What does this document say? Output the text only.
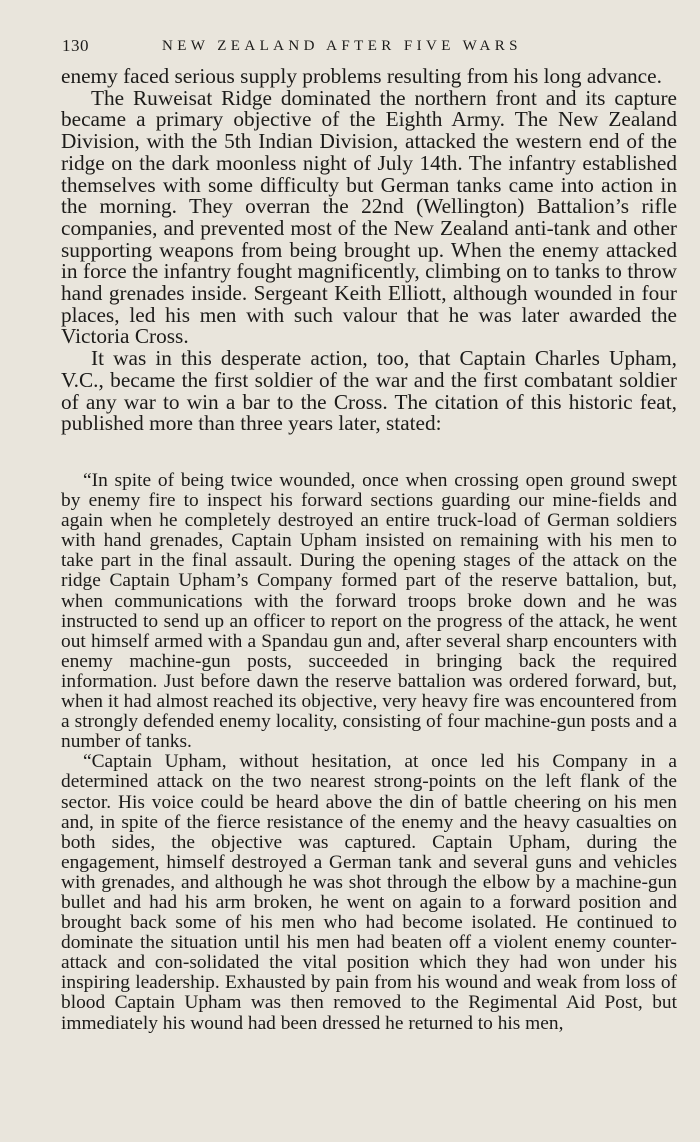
130	NEW ZEALAND AFTER FIVE WARS

enemy faced serious supply problems resulting from his long advance.

The Ruweisat Ridge dominated the northern front and its capture became a primary objective of the Eighth Army. The New Zealand Division, with the 5th Indian Division, attacked the western end of the ridge on the dark moonless night of July 14th. The infantry established themselves with some difficulty but German tanks came into action in the morning. They overran the 22nd (Wellington) Battalion’s rifle companies, and prevented most of the New Zealand anti-tank and other supporting weapons from being brought up. When the enemy attacked in force the infantry fought magnificently, climbing on to tanks to throw hand grenades inside. Sergeant Keith Elliott, although wounded in four places, led his men with such valour that he was later awarded the Victoria Cross.

It was in this desperate action, too, that Captain Charles Upham, V.C., became the first soldier of the war and the first combatant soldier of any war to win a bar to the Cross. The citation of this historic feat, published more than three years later, stated:

“In spite of being twice wounded, once when crossing open ground swept by enemy fire to inspect his forward sections guarding our mine-fields and again when he completely destroyed an entire truck-load of German soldiers with hand grenades, Captain Upham insisted on remaining with his men to take part in the final assault. During the opening stages of the attack on the ridge Captain Upham’s Company formed part of the reserve battalion, but, when communications with the forward troops broke down and he was instructed to send up an officer to report on the progress of the attack, he went out himself armed with a Spandau gun and, after several sharp encounters with enemy machine-gun posts, succeeded in bringing back the required information. Just before dawn the reserve battalion was ordered forward, but, when it had almost reached its objective, very heavy fire was encountered from a strongly defended enemy locality, consisting of four machine-gun posts and a number of tanks.

“Captain Upham, without hesitation, at once led his Company in a determined attack on the two nearest strong-points on the left flank of the sector. His voice could be heard above the din of battle cheering on his men and, in spite of the fierce resistance of the enemy and the heavy casualties on both sides, the objective was captured. Captain Upham, during the engagement, himself destroyed a German tank and several guns and vehicles with grenades, and although he was shot through the elbow by a machine-gun bullet and had his arm broken, he went on again to a forward position and brought back some of his men who had become isolated. He continued to dominate the situation until his men had beaten off a violent enemy counter-attack and con-solidated the vital position which they had won under his inspiring leadership. Exhausted by pain from his wound and weak from loss of blood Captain Upham was then removed to the Regimental Aid Post, but immediately his wound had been dressed he returned to his men,
